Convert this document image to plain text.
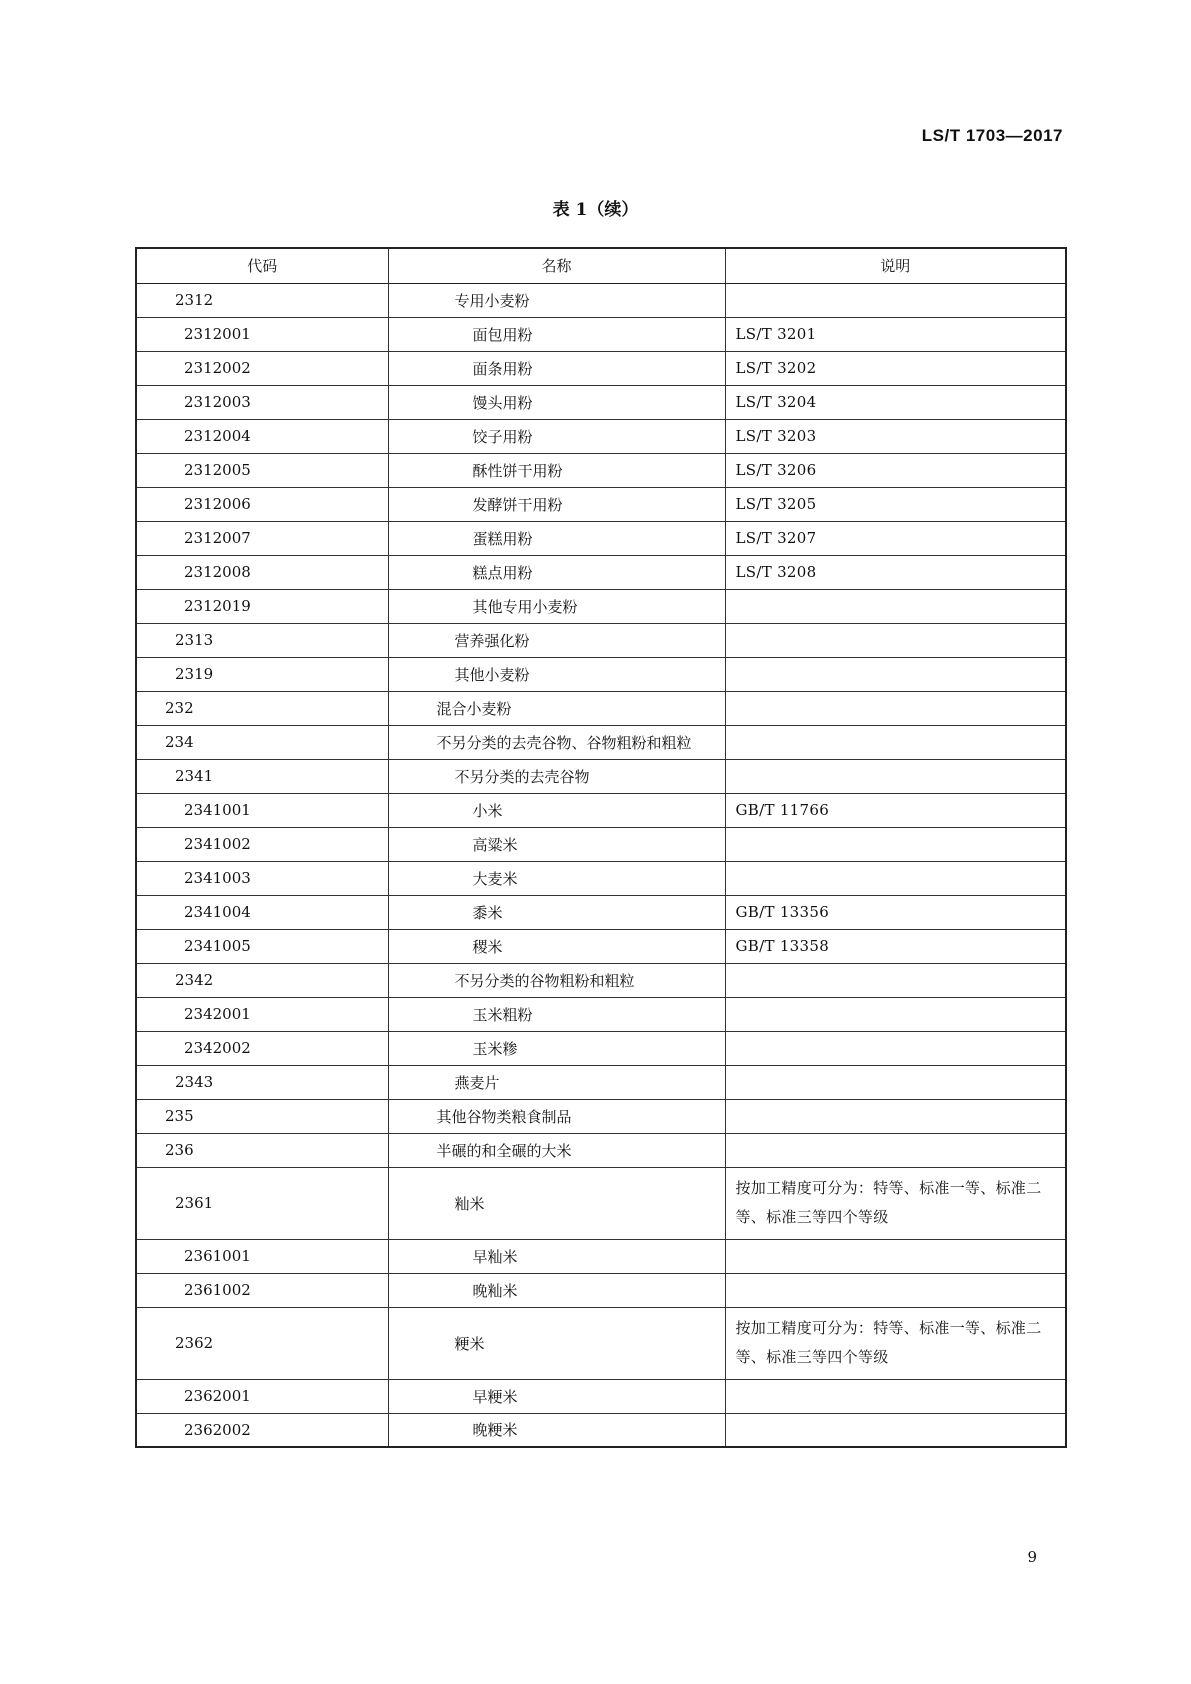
LS/T 1703—2017
表 1（续）
代码	名称	说明
2312	专用小麦粉	
2312001	面包用粉	LS/T 3201
2312002	面条用粉	LS/T 3202
2312003	馒头用粉	LS/T 3204
2312004	饺子用粉	LS/T 3203
2312005	酥性饼干用粉	LS/T 3206
2312006	发酵饼干用粉	LS/T 3205
2312007	蛋糕用粉	LS/T 3207
2312008	糕点用粉	LS/T 3208
2312019	其他专用小麦粉	
2313	营养强化粉	
2319	其他小麦粉	
232	混合小麦粉	
234	不另分类的去壳谷物、谷物粗粉和粗粒	
2341	不另分类的去壳谷物	
2341001	小米	GB/T 11766
2341002	高粱米	
2341003	大麦米	
2341004	黍米	GB/T 13356
2341005	稷米	GB/T 13358
2342	不另分类的谷物粗粉和粗粒	
2342001	玉米粗粉	
2342002	玉米糁	
2343	燕麦片	
235	其他谷物类粮食制品	
236	半碾的和全碾的大米	
2361	籼米	按加工精度可分为：特等、标准一等、标准二等、标准三等四个等级
2361001	早籼米	
2361002	晚籼米	
2362	粳米	按加工精度可分为：特等、标准一等、标准二等、标准三等四个等级
2362001	早粳米	
2362002	晚粳米	
9
